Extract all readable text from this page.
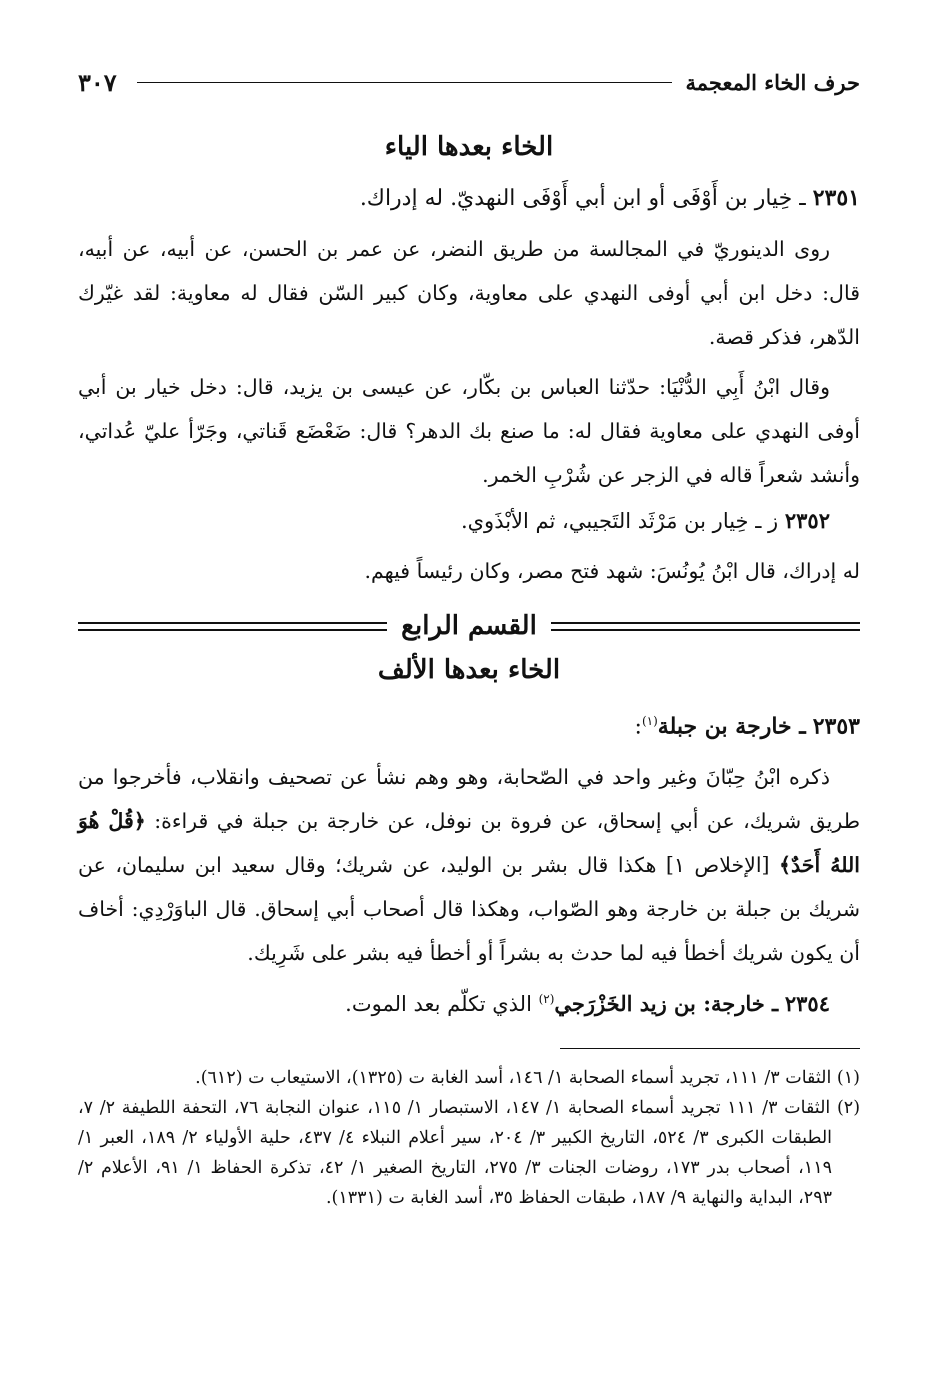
حرف الخاء المعجمة
٣٠٧
الخاء بعدها الياء

٢٣٥١ ـ خِيار بن أَوْفَى أو ابن أبي أَوْفَى النهديّ. له إدراك.

روى الدينوريّ في المجالسة من طريق النضر، عن عمر بن الحسن، عن أبيه، عن أبيه، قال: دخل ابن أبي أوفى النهدي على معاوية، وكان كبير السّن فقال له معاوية: لقد غيّرك الدّهر، فذكر قصة.

وقال ابْنُ أَبِي الدُّنْيَا: حدّثنا العباس بن بكّار، عن عيسى بن يزيد، قال: دخل خيار بن أبي أوفى النهدي على معاوية فقال له: ما صنع بك الدهر؟ قال: ضَعْضَع قَناتي، وجَرّأ عليّ عُداتي، وأنشد شعراً قاله في الزجر عن شُرْبِ الخمر.

٢٣٥٢ ز ـ خِيار بن مَرْثَد التَجيبي، ثم الأبْذَوي.

له إدراك، قال ابْنُ يُونُسَ: شهد فتح مصر، وكان رئيساً فيهم.

القسم الرابع
الخاء بعدها الألف

٢٣٥٣ ـ خارجة بن جبلة$^{(١)}$:

ذكره ابْنُ حِبّانَ وغير واحد في الصّحابة، وهو وهم نشأ عن تصحيف وانقلاب، فأخرجوا من طريق شريك، عن أبي إسحاق، عن فروة بن نوفل، عن خارجة بن جبلة في قراءة: ﴿قُلْ هُوَ اللهُ أَحَدٌ﴾ [الإخلاص ١] هكذا قال بشر بن الوليد، عن شريك؛ وقال سعيد ابن سليمان، عن شريك بن جبلة بن خارجة وهو الصّواب، وهكذا قال أصحاب أبي إسحاق. قال الباوَرْدِي: أخاف أن يكون شريك أخطأ فيه لما حدث به بشراً أو أخطأ فيه بشر على شَرِيك.

٢٣٥٤ ـ خارجة: بن زيد الخَزْرَجي$^{(٢)}$ الذي تكلّم بعد الموت.

(١) الثقات ٣/ ١١١، تجريد أسماء الصحابة ١/ ١٤٦، أسد الغابة ت (١٣٢٥)، الاستيعاب ت (٦١٢).

(٢) الثقات ٣/ ١١١ تجريد أسماء الصحابة ١/ ١٤٧، الاستبصار ١/ ١١٥، عنوان النجابة ٧٦، التحفة اللطيفة ٢/ ٧، الطبقات الكبرى ٣/ ٥٢٤، التاريخ الكبير ٣/ ٢٠٤، سير أعلام النبلاء ٤/ ٤٣٧، حلية الأولياء ٢/ ١٨٩، العبر ١/ ١١٩، أصحاب بدر ١٧٣، روضات الجنات ٣/ ٢٧٥، التاريخ الصغير ١/ ٤٢، تذكرة الحفاظ ١/ ٩١، الأعلام ٢/ ٢٩٣، البداية والنهاية ٩/ ١٨٧، طبقات الحفاظ ٣٥، أسد الغابة ت (١٣٣١).
